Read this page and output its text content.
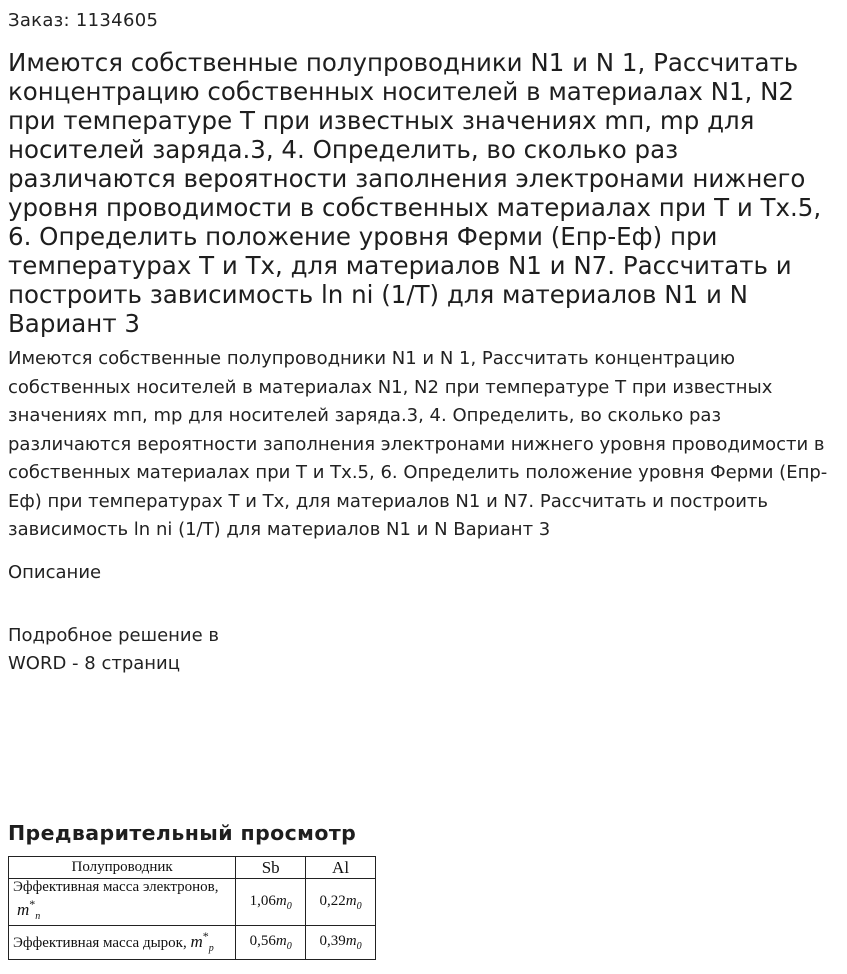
Заказ: 1134605
Имеются собственные полупроводники N1 и N 1, Рассчитать концентрацию собственных носителей в материалах N1, N2 при температуре T при известных значениях mп, mр для носителей заряда.3, 4. Определить, во сколько раз различаются вероятности заполнения электронами нижнего уровня проводимости в собственных материалах при T и Tx.5, 6. Определить положение уровня Ферми (Eпр-Eф) при температурах T и Tx, для материалов N1 и N7. Рассчитать и построить зависимость ln ni (1/T) для материалов N1 и N Вариант 3

Имеются собственные полупроводники N1 и N 1, Рассчитать концентрацию собственных носителей в материалах N1, N2 при температуре T при известных значениях mп, mр для носителей заряда.3, 4. Определить, во сколько раз различаются вероятности заполнения электронами нижнего уровня проводимости в собственных материалах при T и Tx.5, 6. Определить положение уровня Ферми (Eпр-Eф) при температурах T и Tx, для материалов N1 и N7. Рассчитать и построить зависимость ln ni (1/T) для материалов N1 и N Вариант 3

Описание
Подробное решение в
WORD - 8 страниц
Предварительный просмотр
Полупроводник	Sb	Al

Эффективная масса электронов,
$m^*_n$	$1,06m_0$	$0,22m_0$
Эффективная масса дырок, $m^*_p$	$0,56m_0$	$0,39m_0$
